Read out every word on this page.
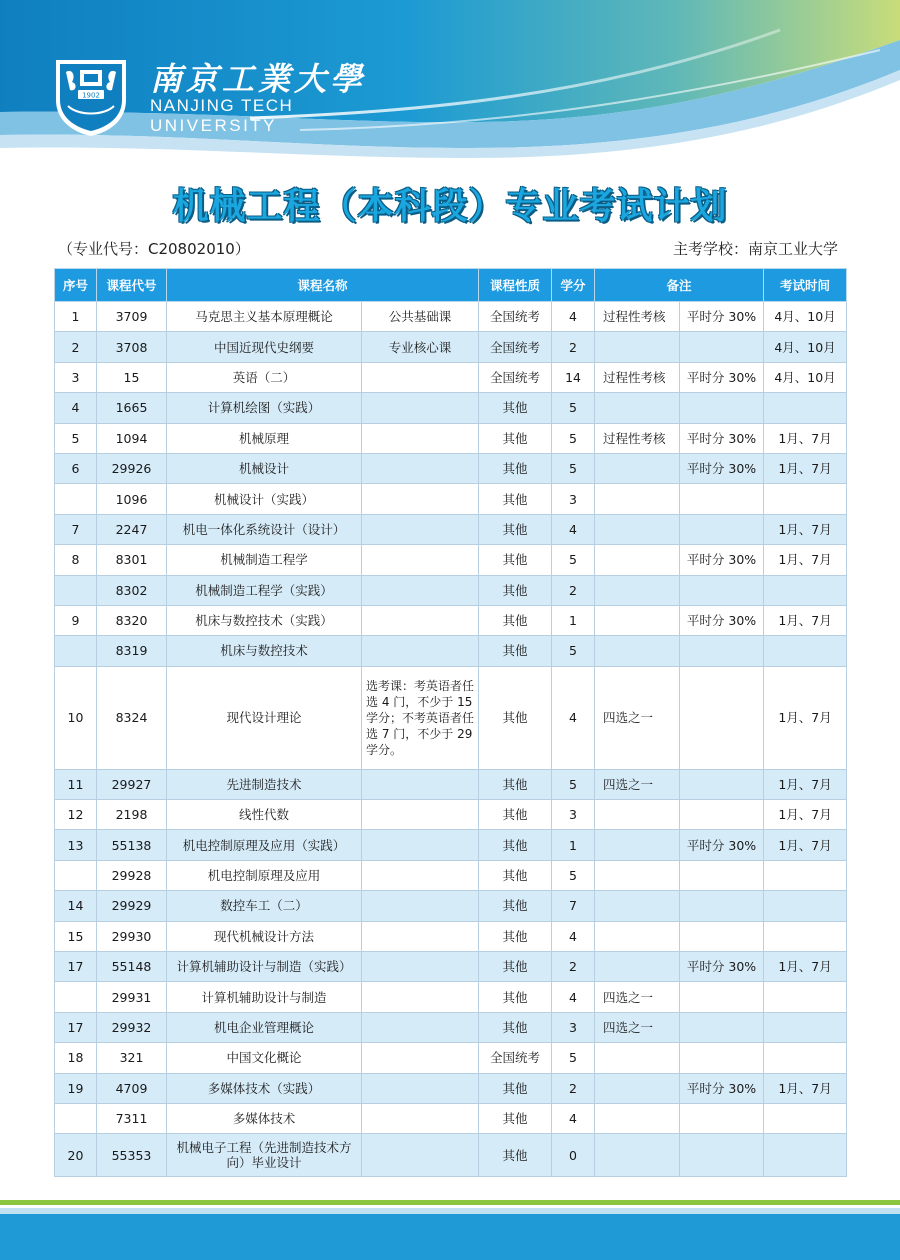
1902 南京工業大學
NANJING TECH
UNIVERSITY
机械工程（本科段）专业考试计划
（专业代号：C20802010）	主考学校：南京工业大学
序号	课程代号	课程名称		课程性质	学分	备注		考试时间
1	3709	马克思主义基本原理概论	公共基础课	全国统考	4	过程性考核	平时分 30%	4月、10月
2	3708	中国近现代史纲要	专业核心课	全国统考	2			4月、10月
3	15	英语（二）		全国统考	14	过程性考核	平时分 30%	4月、10月
4	1665	计算机绘图（实践）		其他	5			
5	1094	机械原理		其他	5	过程性考核	平时分 30%	1月、7月
6	29926	机械设计		其他	5		平时分 30%	1月、7月
	1096	机械设计（实践）		其他	3			
7	2247	机电一体化系统设计（设计）		其他	4			1月、7月
8	8301	机械制造工程学		其他	5		平时分 30%	1月、7月
	8302	机械制造工程学（实践）		其他	2			
9	8320	机床与数控技术（实践）		其他	1		平时分 30%	1月、7月
	8319	机床与数控技术		其他	5			
10	8324	现代设计理论	选考课：考英语者任选 4 门，不少于 15 学分；不考英语者任选 7 门，不少于 29 学分。	其他	4	四选之一		1月、7月
11	29927	先进制造技术		其他	5	四选之一		1月、7月
12	2198	线性代数		其他	3			1月、7月
13	55138	机电控制原理及应用（实践）		其他	1		平时分 30%	1月、7月
	29928	机电控制原理及应用		其他	5			
14	29929	数控车工（二）		其他	7			
15	29930	现代机械设计方法		其他	4			
17	55148	计算机辅助设计与制造（实践）		其他	2		平时分 30%	1月、7月
	29931	计算机辅助设计与制造		其他	4	四选之一		
17	29932	机电企业管理概论		其他	3	四选之一		
18	321	中国文化概论		全国统考	5			
19	4709	多媒体技术（实践）		其他	2		平时分 30%	1月、7月
	7311	多媒体技术		其他	4			
20	55353	机械电子工程（先进制造技术方向）毕业设计		其他	0			
